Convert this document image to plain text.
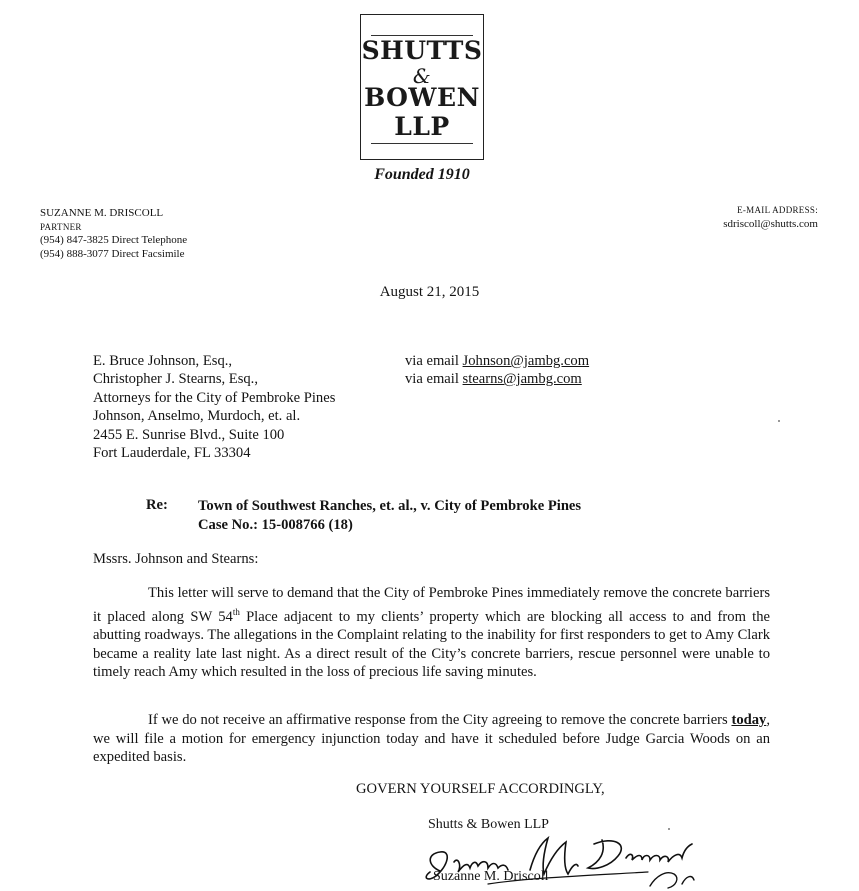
SHUTTS
&
BOWEN
LLP
Founded 1910
SUZANNE M. DRISCOLL
PARTNER
(954) 847-3825 Direct Telephone
(954) 888-3077 Direct Facsimile
E-MAIL ADDRESS:
sdriscoll@shutts.com
August 21, 2015
E. Bruce Johnson, Esq.,
Christopher J. Stearns, Esq.,
Attorneys for the City of Pembroke Pines
Johnson, Anselmo, Murdoch, et. al.
2455 E. Sunrise Blvd., Suite 100
Fort Lauderdale, FL 33304
via email Johnson@jambg.com
via email stearns@jambg.com
Re: Town of Southwest Ranches, et. al., v. City of Pembroke Pines
Case No.: 15-008766 (18)
Mssrs. Johnson and Stearns:

This letter will serve to demand that the City of Pembroke Pines immediately remove the concrete barriers it placed along SW 54th Place adjacent to my clients’ property which are blocking all access to and from the abutting roadways. The allegations in the Complaint relating to the inability for first responders to get to Amy Clark became a reality late last night. As a direct result of the City’s concrete barriers, rescue personnel were unable to timely reach Amy which resulted in the loss of precious life saving minutes.

If we do not receive an affirmative response from the City agreeing to remove the concrete barriers today, we will file a motion for emergency injunction today and have it scheduled before Judge Garcia Woods on an expedited basis.

GOVERN YOURSELF ACCORDINGLY,
Shutts & Bowen LLP
Suzanne M. Driscoll
